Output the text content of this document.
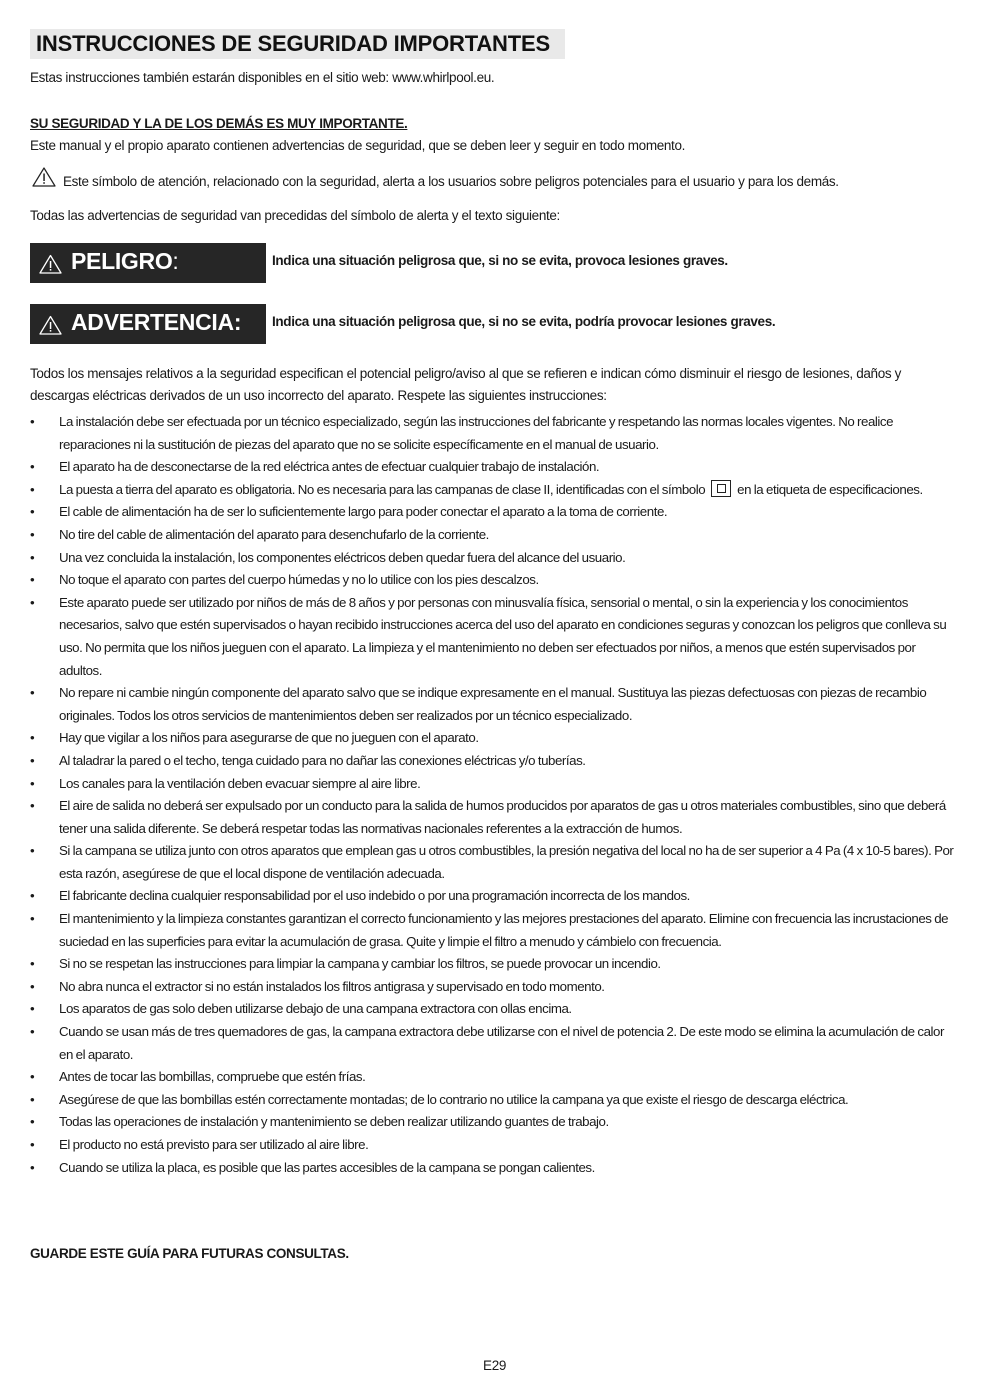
INSTRUCCIONES DE SEGURIDAD IMPORTANTES
Estas instrucciones también estarán disponibles en el sitio web: www.whirlpool.eu.
SU SEGURIDAD Y LA DE LOS DEMÁS ES MUY IMPORTANTE.
Este manual y el propio aparato contienen advertencias de seguridad, que se deben leer y seguir en todo momento.
Este símbolo de atención, relacionado con la seguridad, alerta a los usuarios sobre peligros potenciales para el usuario y para los demás.
Todas las advertencias de seguridad van precedidas del símbolo de alerta y el texto siguiente:
PELIGRO:	Indica una situación peligrosa que, si no se evita, provoca lesiones graves.
ADVERTENCIA: Indica una situación peligrosa que, si no se evita, podría provocar lesiones graves.
Todos los mensajes relativos a la seguridad especifican el potencial peligro/aviso al que se refieren e indican cómo disminuir el riesgo de lesiones, daños y
descargas eléctricas derivados de un uso incorrecto del aparato. Respete las siguientes instrucciones:
• La instalación debe ser efectuada por un técnico especializado, según las instrucciones del fabricante y respetando las normas locales vigentes. No realice reparaciones ni la sustitución de piezas del aparato que no se solicite específicamente en el manual de usuario.
• El aparato ha de desconectarse de la red eléctrica antes de efectuar cualquier trabajo de instalación.
• La puesta a tierra del aparato es obligatoria. No es necesaria para las campanas de clase II, identificadas con el símbolo en la etiqueta de especificaciones.
• El cable de alimentación ha de ser lo suficientemente largo para poder conectar el aparato a la toma de corriente.
• No tire del cable de alimentación del aparato para desenchufarlo de la corriente.
• Una vez concluida la instalación, los componentes eléctricos deben quedar fuera del alcance del usuario.
• No toque el aparato con partes del cuerpo húmedas y no lo utilice con los pies descalzos.
• Este aparato puede ser utilizado por niños de más de 8 años y por personas con minusvalía física, sensorial o mental, o sin la experiencia y los conocimientos necesarios, salvo que estén supervisados o hayan recibido instrucciones acerca del uso del aparato en condiciones seguras y conozcan los peligros que conlleva su uso. No permita que los niños jueguen con el aparato. La limpieza y el mantenimiento no deben ser efectuados por niños, a menos que estén supervisados por adultos.
• No repare ni cambie ningún componente del aparato salvo que se indique expresamente en el manual. Sustituya las piezas defectuosas con piezas de recambio originales. Todos los otros servicios de mantenimientos deben ser realizados por un técnico especializado.
• Hay que vigilar a los niños para asegurarse de que no jueguen con el aparato.
• Al taladrar la pared o el techo, tenga cuidado para no dañar las conexiones eléctricas y/o tuberías.
• Los canales para la ventilación deben evacuar siempre al aire libre.
• El aire de salida no deberá ser expulsado por un conducto para la salida de humos producidos por aparatos de gas u otros materiales combustibles, sino que deberá tener una salida diferente. Se deberá respetar todas las normativas nacionales referentes a la extracción de humos.
• Si la campana se utiliza junto con otros aparatos que emplean gas u otros combustibles, la presión negativa del local no ha de ser superior a 4 Pa (4 x 10-5 bares). Por esta razón, asegúrese de que el local dispone de ventilación adecuada.
• El fabricante declina cualquier responsabilidad por el uso indebido o por una programación incorrecta de los mandos.
• El mantenimiento y la limpieza constantes garantizan el correcto funcionamiento y las mejores prestaciones del aparato. Elimine con frecuencia las incrustaciones de suciedad en las superficies para evitar la acumulación de grasa. Quite y limpie el filtro a menudo y cámbielo con frecuencia.
• Si no se respetan las instrucciones para limpiar la campana y cambiar los filtros, se puede provocar un incendio.
• No abra nunca el extractor si no están instalados los filtros antigrasa y supervisado en todo momento.
• Los aparatos de gas solo deben utilizarse debajo de una campana extractora con ollas encima.
• Cuando se usan más de tres quemadores de gas, la campana extractora debe utilizarse con el nivel de potencia 2. De este modo se elimina la acumulación de calor en el aparato.
• Antes de tocar las bombillas, compruebe que estén frías.
• Asegúrese de que las bombillas estén correctamente montadas; de lo contrario no utilice la campana ya que existe el riesgo de descarga eléctrica.
• Todas las operaciones de instalación y mantenimiento se deben realizar utilizando guantes de trabajo.
• El producto no está previsto para ser utilizado al aire libre.
• Cuando se utiliza la placa, es posible que las partes accesibles de la campana se pongan calientes.
GUARDE ESTE GUÍA PARA FUTURAS CONSULTAS.
E29
